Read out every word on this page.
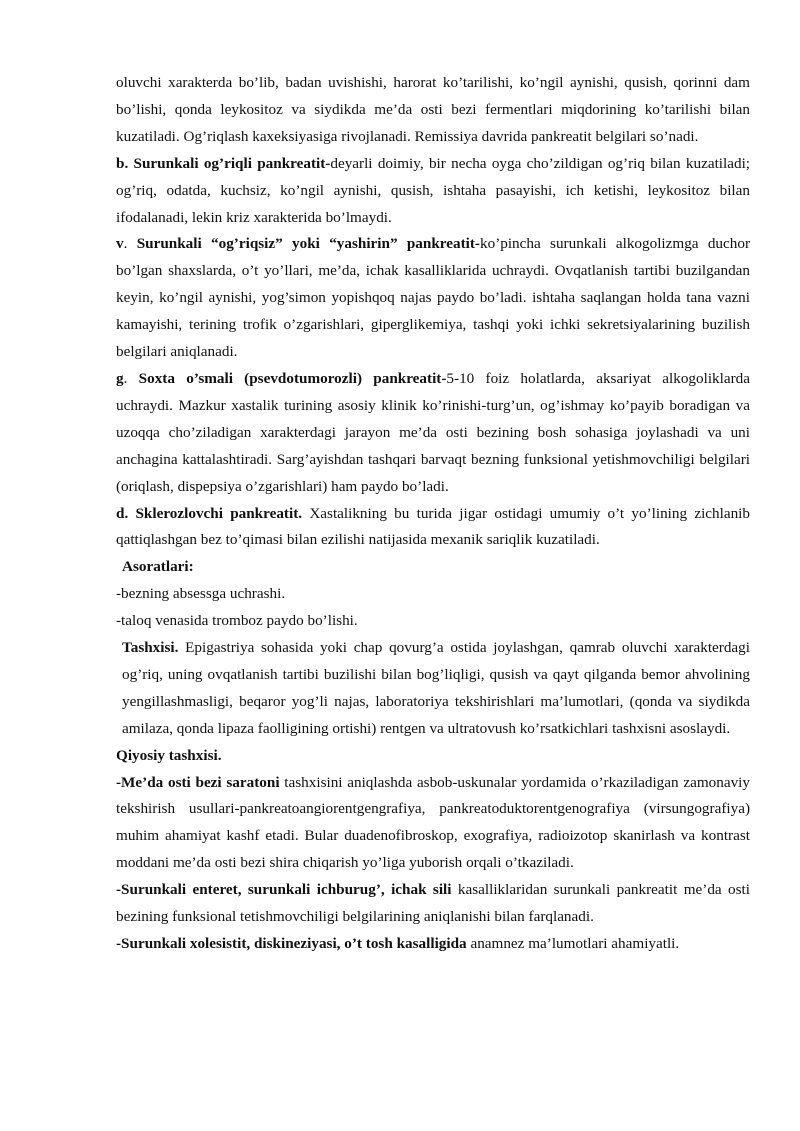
oluvchi xarakterda bo’lib, badan uvishishi, harorat ko’tarilishi, ko’ngil aynishi, qusish, qorinni dam bo’lishi, qonda leykositoz va siydikda me’da osti bezi fermentlari miqdorining ko’tarilishi bilan kuzatiladi. Og’riqlash kaxeksiyasiga rivojlanadi. Remissiya davrida pankreatit belgilari so’nadi.

b. Surunkali og’riqli pankreatit-deyarli doimiy, bir necha oyga cho’zildigan og’riq bilan kuzatiladi; og’riq, odatda, kuchsiz, ko’ngil aynishi, qusish, ishtaha pasayishi, ich ketishi, leykositoz bilan ifodalanadi, lekin kriz xarakterida bo’lmaydi.

v. Surunkali “og’riqsiz” yoki “yashirin” pankreatit-ko’pincha surunkali alkogolizmga duchor bo’lgan shaxslarda, o’t yo’llari, me’da, ichak kasalliklarida uchraydi. Ovqatlanish tartibi buzilgandan keyin, ko’ngil aynishi, yog’simon yopishqoq najas paydo bo’ladi. ishtaha saqlangan holda tana vazni kamayishi, terining trofik o’zgarishlari, giperglikemiya, tashqi yoki ichki sekretsiyalarining buzilish belgilari aniqlanadi.

g. Soxta o’smali (psevdotumorozli) pankreatit-5-10 foiz holatlarda, aksariyat alkogoliklarda uchraydi. Mazkur xastalik turining asosiy klinik ko’rinishi-turg’un, og’ishmay ko’payib boradigan va uzoqqa cho’ziladigan xarakterdagi jarayon me’da osti bezining bosh sohasiga joylashadi va uni anchagina kattalashtiradi. Sarg’ayishdan tashqari barvaqt bezning funksional yetishmovchiligi belgilari (oriqlash, dispepsiya o’zgarishlari) ham paydo bo’ladi.

d. Sklerozlovchi pankreatit. Xastalikning bu turida jigar ostidagi umumiy o’t yo’lining zichlanib qattiqlashgan bez to’qimasi bilan ezilishi natijasida mexanik sariqlik kuzatiladi.

Asoratlari:

-bezning absessga uchrashi.

-taloq venasida tromboz paydo bo’lishi.

Tashxisi. Epigastriya sohasida yoki chap qovurg’a ostida joylashgan, qamrab oluvchi xarakterdagi og’riq, uning ovqatlanish tartibi buzilishi bilan bog’liqligi, qusish va qayt qilganda bemor ahvolining yengillashmasligi, beqaror yog’li najas, laboratoriya tekshirishlari ma’lumotlari, (qonda va siydikda amilaza, qonda lipaza faolligining ortishi) rentgen va ultratovush ko’rsatkichlari tashxisni asoslaydi.

Qiyosiy tashxisi.

-Me’da osti bezi saratoni tashxisini aniqlashda asbob-uskunalar yordamida o’rkaziladigan zamonaviy tekshirish usullari-pankreatoangiorentgengrafiya, pankreatoduktorentgenografiya (virsungografiya) muhim ahamiyat kashf etadi. Bular duadenofibroskop, exografiya, radioizotop skanirlash va kontrast moddani me’da osti bezi shira chiqarish yo’liga yuborish orqali o’tkaziladi.

-Surunkali enteret, surunkali ichburug’, ichak sili kasalliklaridan surunkali pankreatit me’da osti bezining funksional tetishmovchiligi belgilarining aniqlanishi bilan farqlanadi.

-Surunkali xolesistit, diskineziyasi, o’t tosh kasalligida anamnez ma’lumotlari ahamiyatli.
